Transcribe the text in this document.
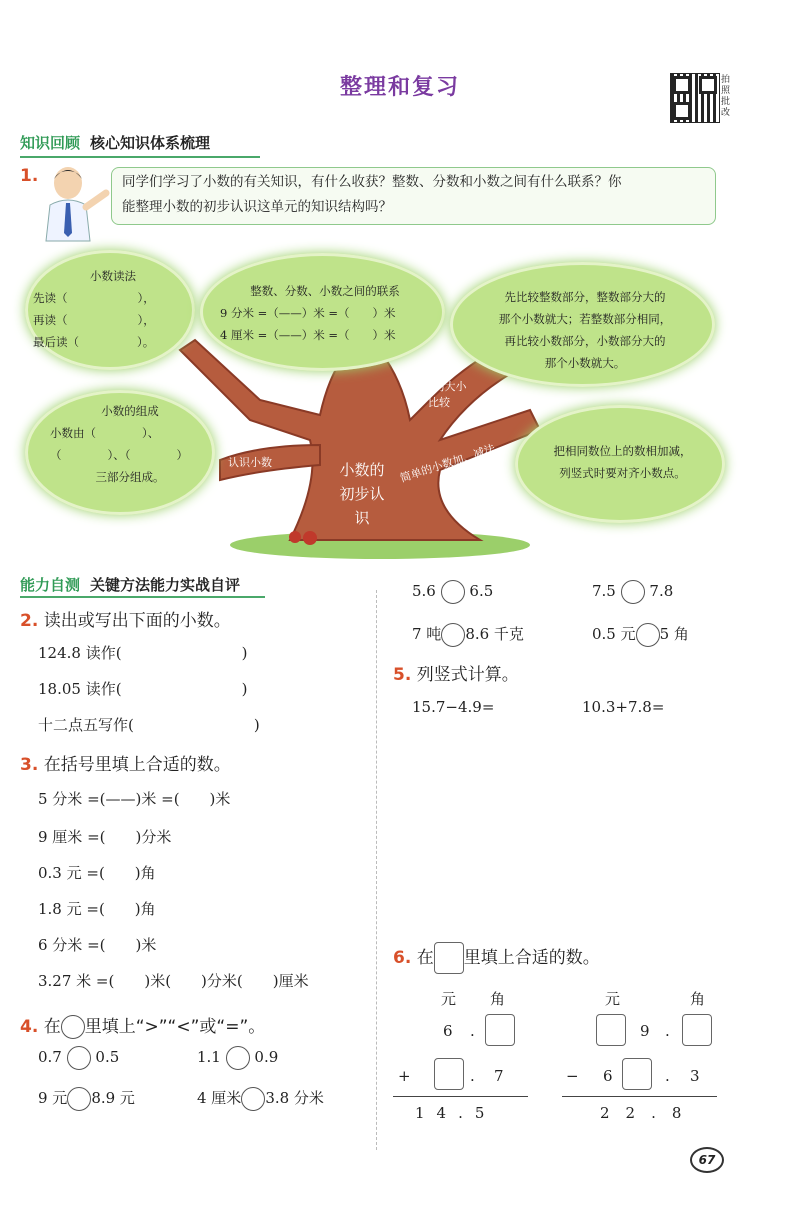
整理和复习	拍照批改
知识回顾 核心知识体系梳理
1.	同学们学习了小数的有关知识，有什么收获？整数、分数和小数之间有什么联系？你
能整理小数的初步认识这单元的知识结构吗？
小数读法
先读（	），
再读（	），
最后读（	）。
整数、分数、小数之间的联系
9 分米 =（——）米 =（　　）米
4 厘米 =（——）米 =（　　）米
先比较整数部分，整数部分大的
那个小数就大；若整数部分相同，
再比较小数部分，小数部分大的
那个小数就大。
小数的组成
小数由（　　　　）、
（　　　　）、（　　　　）
三部分组成。
把相同数位上的数相加减，
列竖式时要对齐小数点。
小数的初步认识
认识小数
小数的大小比较
简单的小数加、减法
能力自测 关键方法能力实战自评
2. 读出或写出下面的小数。
124.8 读作(	)
18.05 读作(	)
十二点五写作(	)
3. 在括号里填上合适的数。
5 分米 =(——)米 =(　　)米
9 厘米 =(　　)分米
0.3 元 =(　　)角
1.8 元 =(　　)角
6 分米 =(　　)米
3.27 米 =(　　)米(　　)分米(　　)厘米
4. 在 里填上“>”“<”或“=”。
0.7 0.5	1.1 0.9
9 元 8.9 元	4 厘米 3.8 分米
5.6 6.5	7.5 7.8
7 吨 8.6 千克	0.5 元 5 角
5. 列竖式计算。
15.7−4.9=	10.3+7.8=
6. 在 里填上合适的数。
元 角
6 .
+	. 7
14.5
元	角
9 .
− 6	. 3
22.8
67
